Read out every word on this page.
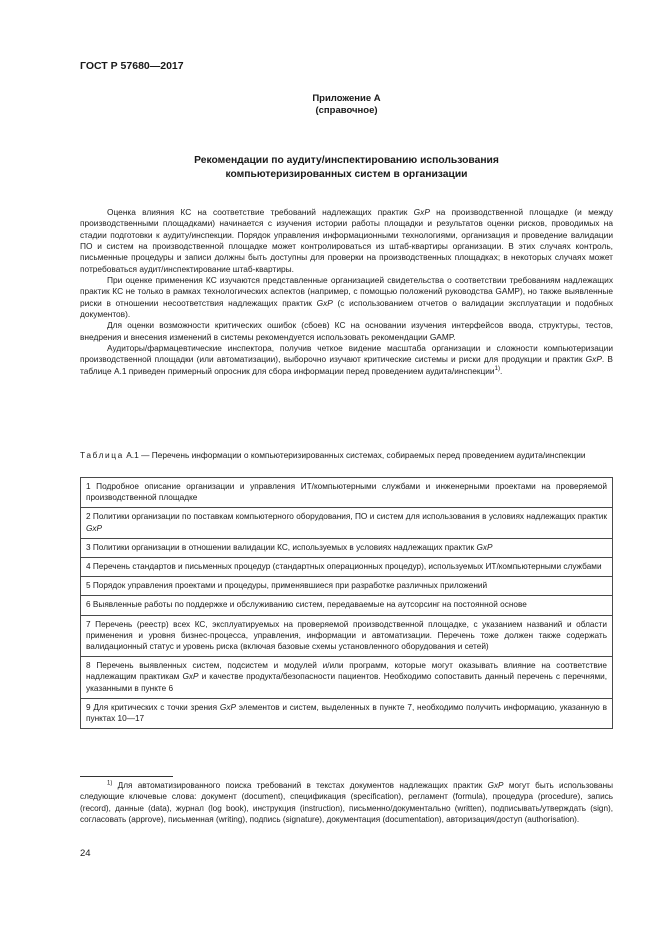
ГОСТ Р 57680—2017
Приложение А
(справочное)
Рекомендации по аудиту/инспектированию использования
компьютеризированных систем в организации

Оценка влияния КС на соответствие требований надлежащих практик GxP на производственной площадке (и между производственными площадками) начинается с изучения истории работы площадки и результатов оценки рисков, проводимых на стадии подготовки к аудиту/инспекции. Порядок управления информационными технологиями, организация и проведение валидации ПО и систем на производственной площадке может контролироваться из штаб-квартиры организации. В этих случаях контроль, письменные процедуры и записи должны быть доступны для проверки на производственных площадках; в некоторых случаях может потребоваться аудит/инспектирование штаб-квартиры.

При оценке применения КС изучаются представленные организацией свидетельства о соответствии требованиям надлежащих практик КС не только в рамках технологических аспектов (например, с помощью положений руководства GAMP), но также выявленные риски в отношении несоответствия надлежащих практик GxP (с использованием отчетов о валидации эксплуатации и подобных документов).

Для оценки возможности критических ошибок (сбоев) КС на основании изучения интерфейсов ввода, структуры, тестов, внедрения и внесения изменений в системы рекомендуется использовать рекомендации GAMP.

Аудиторы/фармацевтические инспектора, получив четкое видение масштаба организации и сложности компьютеризации производственной площадки (или автоматизации), выборочно изучают критические системы и риски для продукции и практик GxP. В таблице А.1 приведен примерный опросник для сбора информации перед проведением аудита/инспекции$^{1)}$.

Таблица А.1 — Перечень информации о компьютеризированных системах, собираемых перед проведением аудита/инспекции
1 Подробное описание организации и управления ИТ/компьютерными службами и инженерными проектами на проверяемой производственной площадке
2 Политики организации по поставкам компьютерного оборудования, ПО и систем для использования в условиях надлежащих практик GxP
3 Политики организации в отношении валидации КС, используемых в условиях надлежащих практик GxP
4 Перечень стандартов и письменных процедур (стандартных операционных процедур), используемых ИТ/компьютерными службами
5 Порядок управления проектами и процедуры, применявшиеся при разработке различных приложений
6 Выявленные работы по поддержке и обслуживанию систем, передаваемые на аутсорсинг на постоянной основе
7 Перечень (реестр) всех КС, эксплуатируемых на проверяемой производственной площадке, с указанием названий и области применения и уровня бизнес-процесса, управления, информации и автоматизации. Перечень тоже должен также содержать валидационный статус и уровень риска (включая базовые схемы установленного оборудования и сетей)
8 Перечень выявленных систем, подсистем и модулей и/или программ, которые могут оказывать влияние на соответствие надлежащим практикам GxP и качестве продукта/безопасности пациентов. Необходимо сопоставить данный перечень с перечнями, указанными в пункте 6
9 Для критических с точки зрения GxP элементов и систем, выделенных в пункте 7, необходимо получить информацию, указанную в пунктах 10—17
$^{1)}$ Для автоматизированного поиска требований в текстах документов надлежащих практик GxP могут быть использованы следующие ключевые слова: документ (document), спецификация (specification), регламент (formula), процедура (procedure), запись (record), данные (data), журнал (log book), инструкция (instruction), письменно/документально (written), подписывать/утверждать (sign), согласовать (approve), письменная (writing), подпись (signature), документация (documentation), авторизация/доступ (authorisation).
24
